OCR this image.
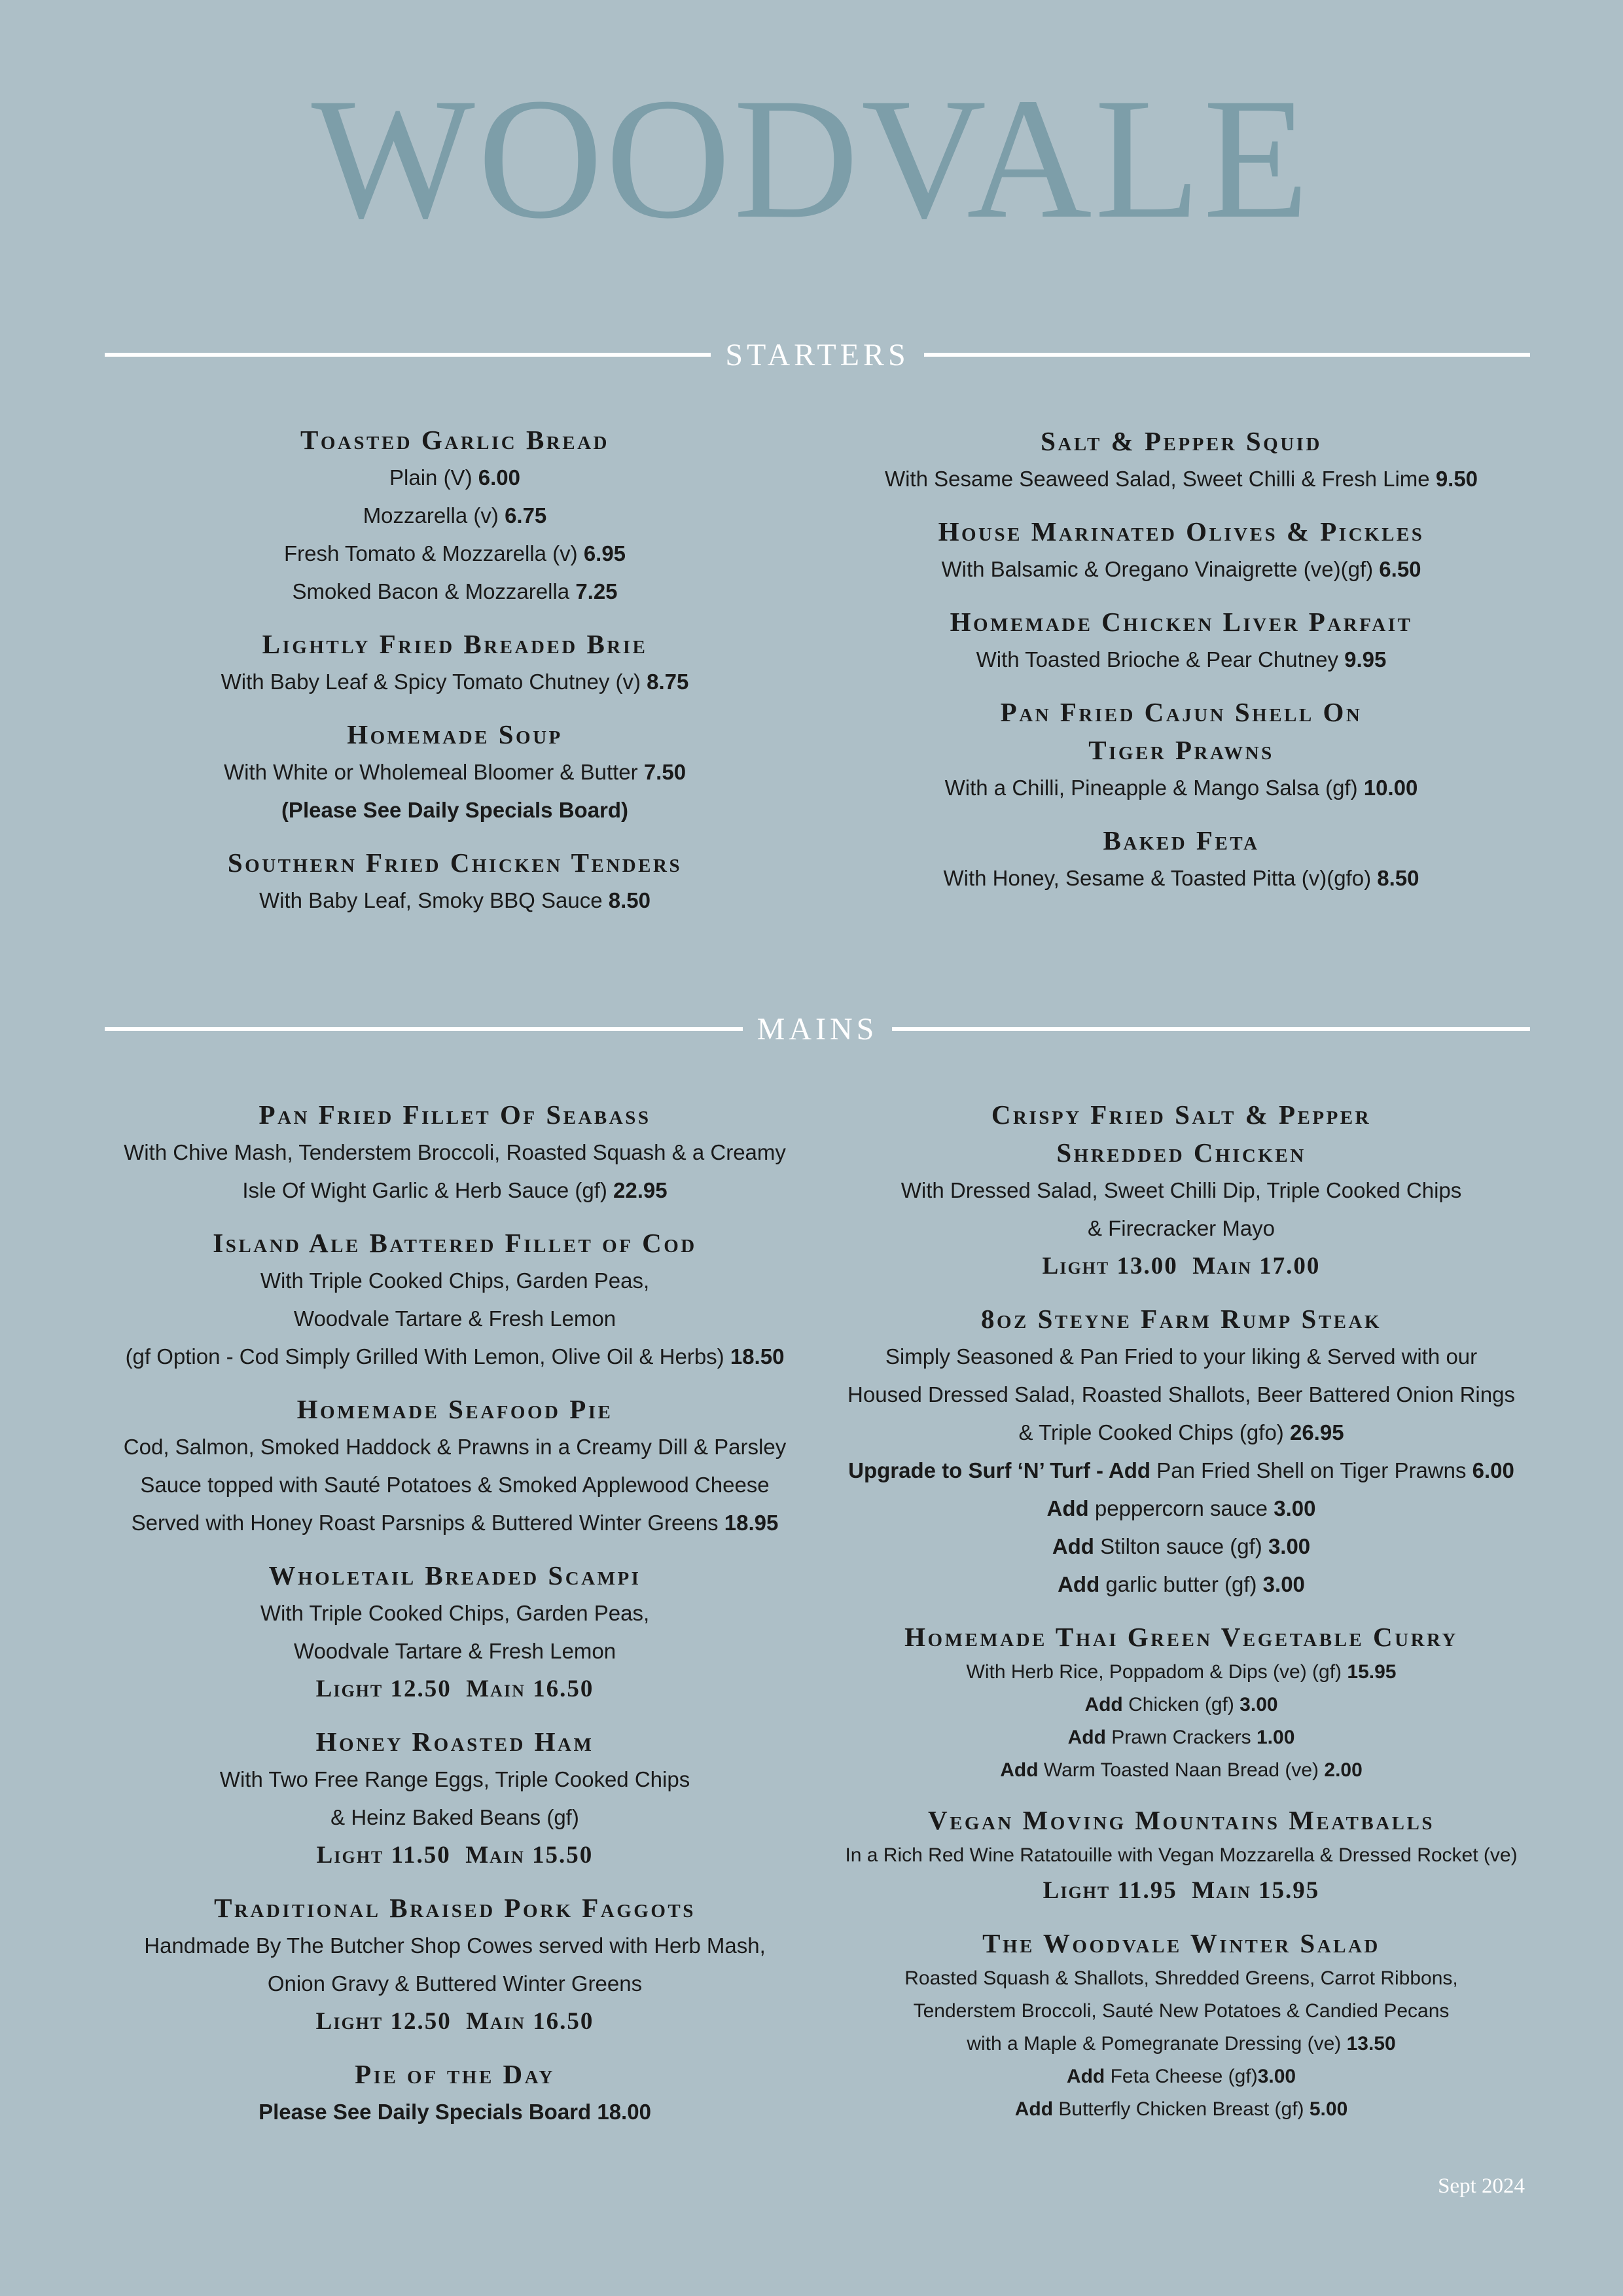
WOODVALE
STARTERS
Toasted Garlic Bread
Plain (V) 6.00
Mozzarella (v) 6.75
Fresh Tomato & Mozzarella (v) 6.95
Smoked Bacon & Mozzarella 7.25
Lightly Fried Breaded Brie
With Baby Leaf & Spicy Tomato Chutney (v) 8.75
Homemade Soup
With White or Wholemeal Bloomer & Butter 7.50
(Please See Daily Specials Board)
Southern Fried Chicken Tenders
With Baby Leaf, Smoky BBQ Sauce 8.50
Salt & Pepper Squid
With Sesame Seaweed Salad, Sweet Chilli & Fresh Lime 9.50
House Marinated Olives & Pickles
With Balsamic & Oregano Vinaigrette (ve)(gf) 6.50
Homemade Chicken Liver Parfait
With Toasted Brioche & Pear Chutney 9.95
Pan Fried Cajun Shell On
Tiger Prawns
With a Chilli, Pineapple & Mango Salsa (gf) 10.00
Baked Feta
With Honey, Sesame & Toasted Pitta (v)(gfo) 8.50
MAINS
Pan Fried Fillet Of Seabass
With Chive Mash, Tenderstem Broccoli, Roasted Squash & a Creamy
Isle Of Wight Garlic & Herb Sauce (gf) 22.95
Island Ale Battered Fillet of Cod
With Triple Cooked Chips, Garden Peas,
Woodvale Tartare & Fresh Lemon
(gf Option - Cod Simply Grilled With Lemon, Olive Oil & Herbs) 18.50
Homemade Seafood Pie
Cod, Salmon, Smoked Haddock & Prawns in a Creamy Dill & Parsley
Sauce topped with Sauté Potatoes & Smoked Applewood Cheese
Served with Honey Roast Parsnips & Buttered Winter Greens 18.95
Wholetail Breaded Scampi
With Triple Cooked Chips, Garden Peas,
Woodvale Tartare & Fresh Lemon
Light 12.50 Main 16.50
Honey Roasted Ham
With Two Free Range Eggs, Triple Cooked Chips
& Heinz Baked Beans (gf)
Light 11.50 Main 15.50
Traditional Braised Pork Faggots
Handmade By The Butcher Shop Cowes served with Herb Mash,
Onion Gravy & Buttered Winter Greens
Light 12.50 Main 16.50
Pie of the Day
Please See Daily Specials Board 18.00
Crispy Fried Salt & Pepper
Shredded Chicken
With Dressed Salad, Sweet Chilli Dip, Triple Cooked Chips
& Firecracker Mayo
Light 13.00 Main 17.00
8oz Steyne Farm Rump Steak
Simply Seasoned & Pan Fried to your liking & Served with our
Housed Dressed Salad, Roasted Shallots, Beer Battered Onion Rings
& Triple Cooked Chips (gfo) 26.95
Upgrade to Surf ‘N’ Turf - Add Pan Fried Shell on Tiger Prawns 6.00
Add peppercorn sauce 3.00
Add Stilton sauce (gf) 3.00
Add garlic butter (gf) 3.00
Homemade Thai Green Vegetable Curry
With Herb Rice, Poppadom & Dips (ve) (gf) 15.95
Add Chicken (gf) 3.00
Add Prawn Crackers 1.00
Add Warm Toasted Naan Bread (ve) 2.00
Vegan Moving Mountains Meatballs
In a Rich Red Wine Ratatouille with Vegan Mozzarella & Dressed Rocket (ve)
Light 11.95 Main 15.95
The Woodvale Winter Salad
Roasted Squash & Shallots, Shredded Greens, Carrot Ribbons,
Tenderstem Broccoli, Sauté New Potatoes & Candied Pecans
with a Maple & Pomegranate Dressing (ve) 13.50
Add Feta Cheese (gf)3.00
Add Butterfly Chicken Breast (gf) 5.00
Sept 2024
